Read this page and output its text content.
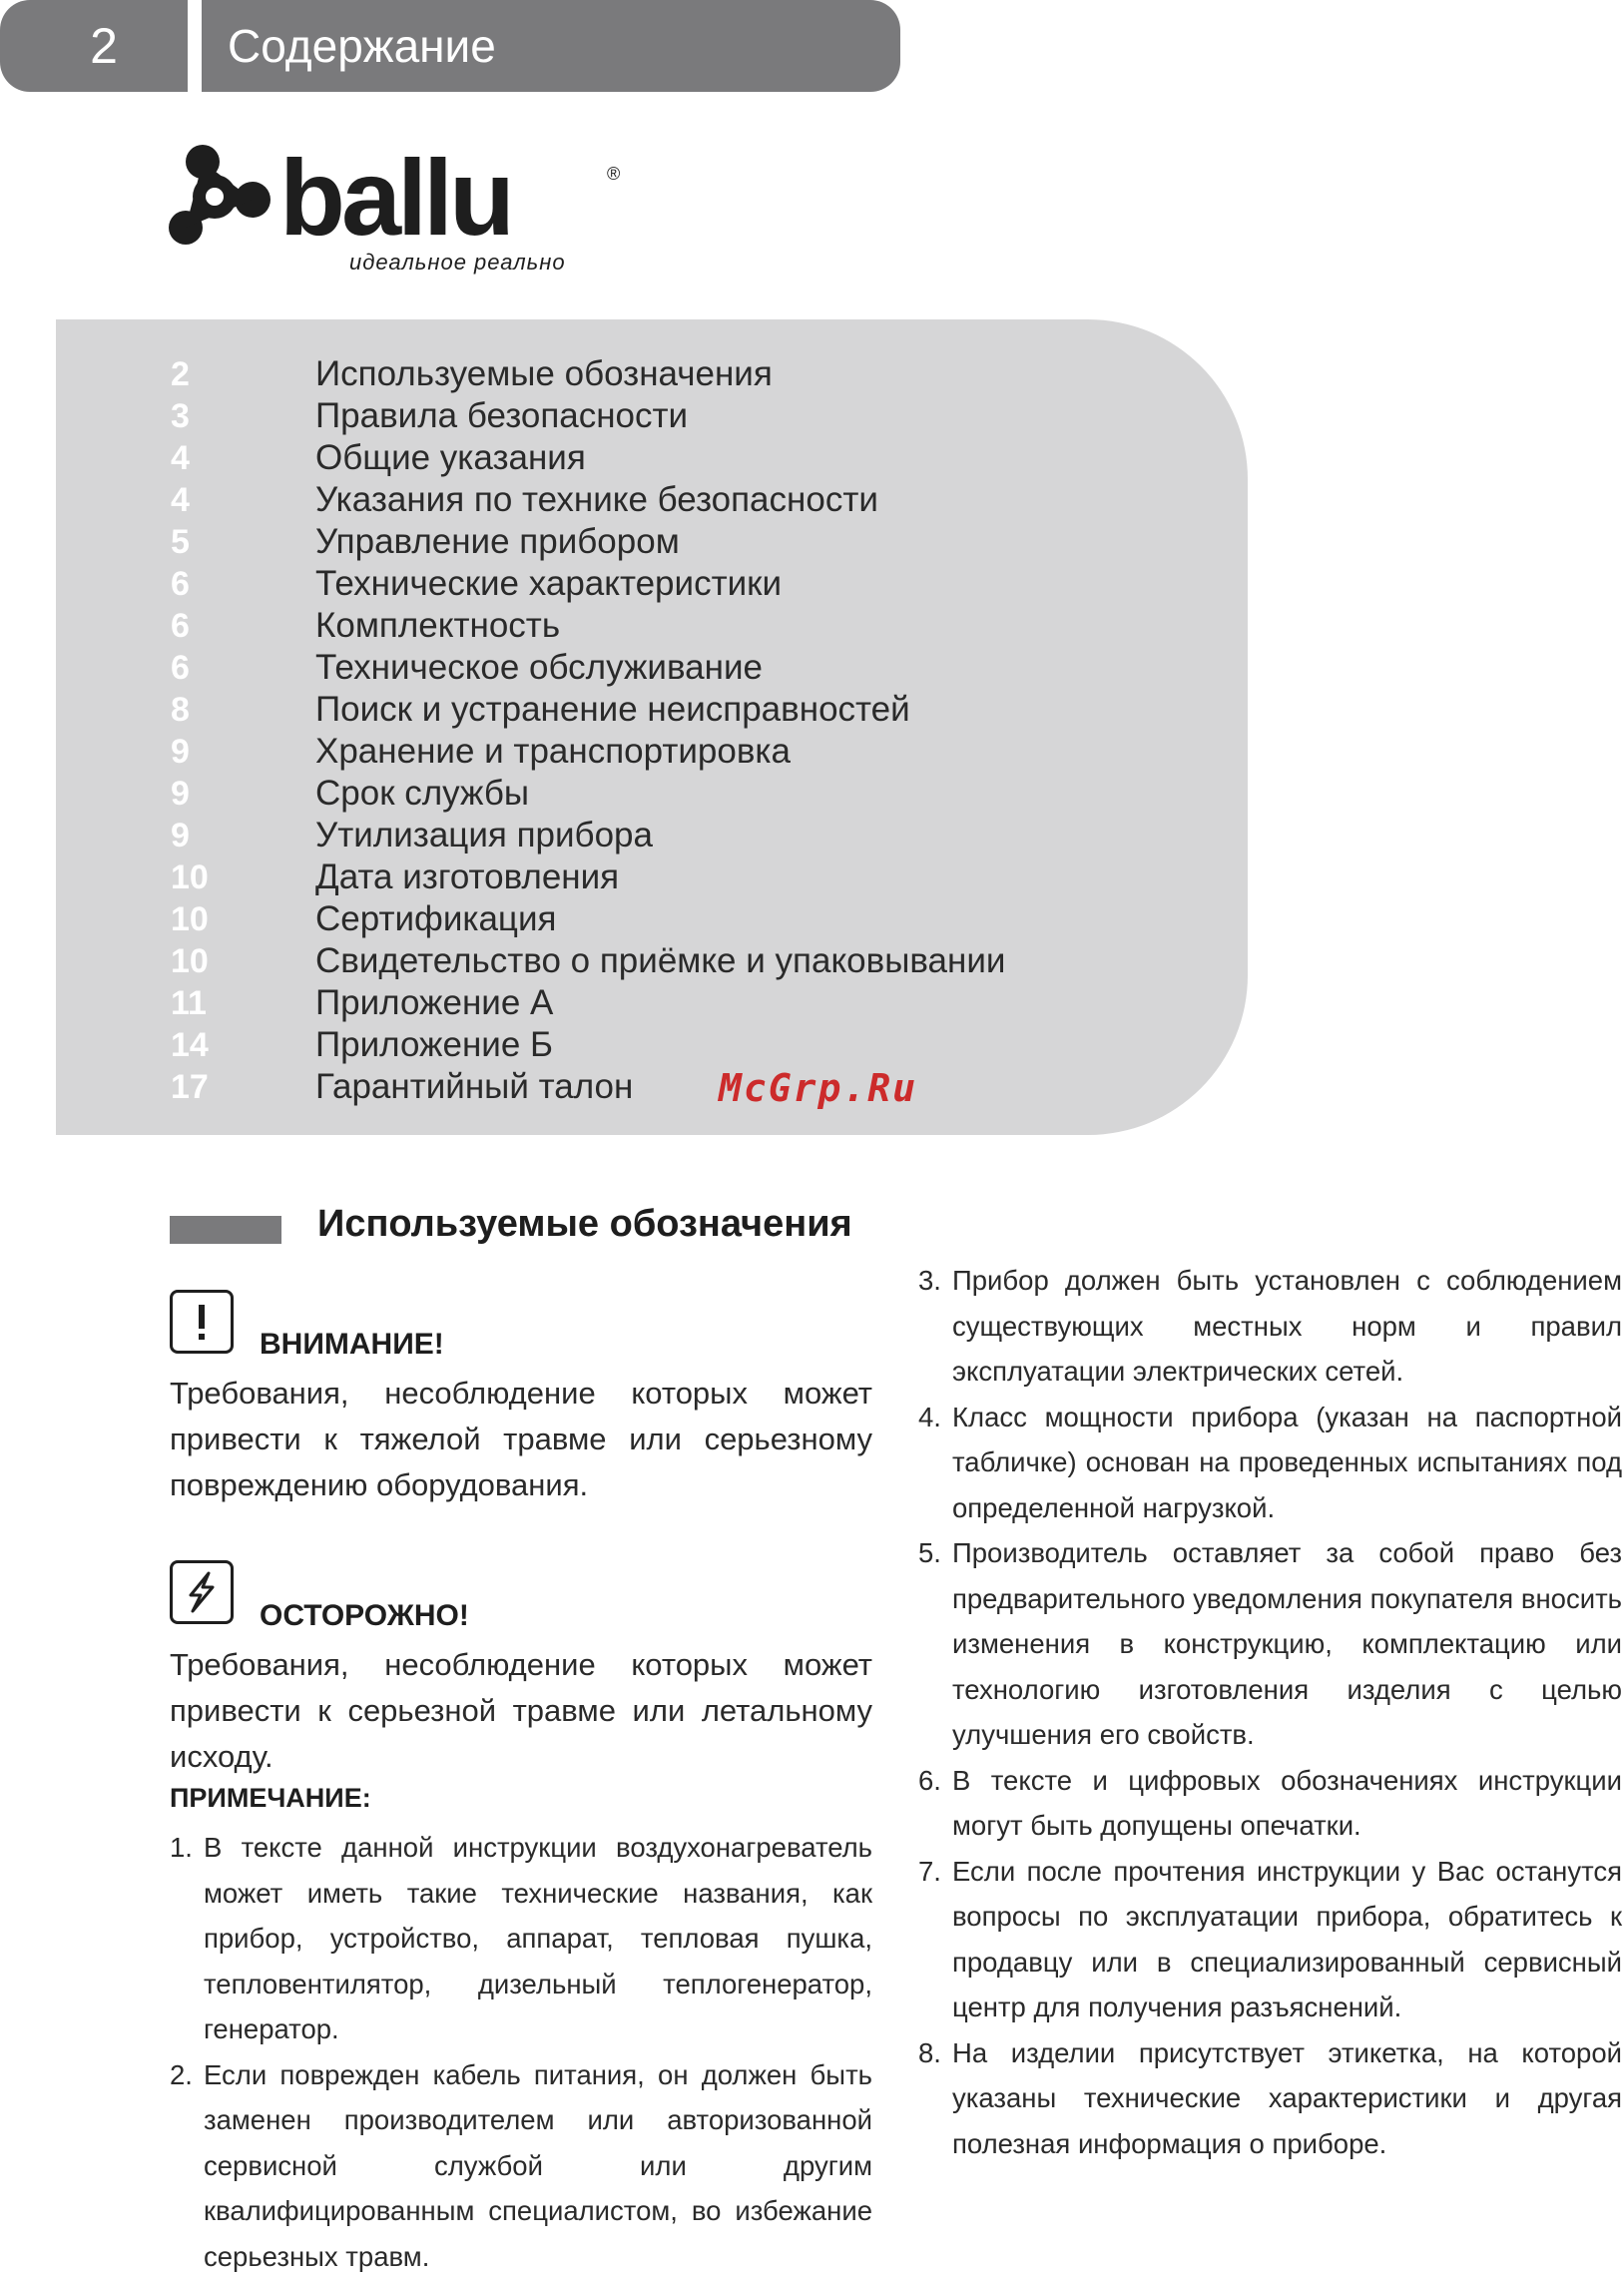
2 Содержание
ballu	®
идеальное реально
2	Используемые обозначения
3	Правила безопасности
4	Общие указания
4	Указания по технике безопасности
5	Управление прибором
6	Технические характеристики
6	Комплектность
6	Техническое обслуживание
8	Поиск и устранение неисправностей
9	Хранение и транспортировка
9	Срок службы
9	Утилизация прибора
10	Дата изготовления
10	Сертификация
10	Свидетельство о приёмке и упаковывании
11	Приложение А
14	Приложение Б
17	Гарантийный талон McGrp.Ru
Используемые обозначения
ВНИМАНИЕ!
Требования, несоблюдение которых может привести к тяжелой травме или серьезному повреждению оборудования.
ОСТОРОЖНО!
Требования, несоблюдение которых может привести к серьезной травме или летальному исходу.
ПРИМЕЧАНИЕ:
1. В тексте данной инструкции воздухонагреватель может иметь такие технические названия, как прибор, устройство, аппарат, тепловая пушка, тепловентилятор, дизельный теплогенератор, генератор.
2. Если поврежден кабель питания, он должен быть заменен производителем или авторизованной сервисной службой или другим квалифицированным специалистом, во избежание серьезных травм.
3. Прибор должен быть установлен с соблюдением существующих местных норм и правил эксплуатации электрических сетей.
4. Класс мощности прибора (указан на паспортной табличке) основан на проведенных испытаниях под определенной нагрузкой.
5. Производитель оставляет за собой право без предварительного уведомления покупателя вносить изменения в конструкцию, комплектацию или технологию изготовления изделия с целью улучшения его свойств.
6. В тексте и цифровых обозначениях инструкции могут быть допущены опечатки.
7. Если после прочтения инструкции у Вас останутся вопросы по эксплуатации прибора, обратитесь к продавцу или в специализированный сервисный центр для получения разъяснений.
8. На изделии присутствует этикетка, на которой указаны технические характеристики и другая полезная информация о приборе.
